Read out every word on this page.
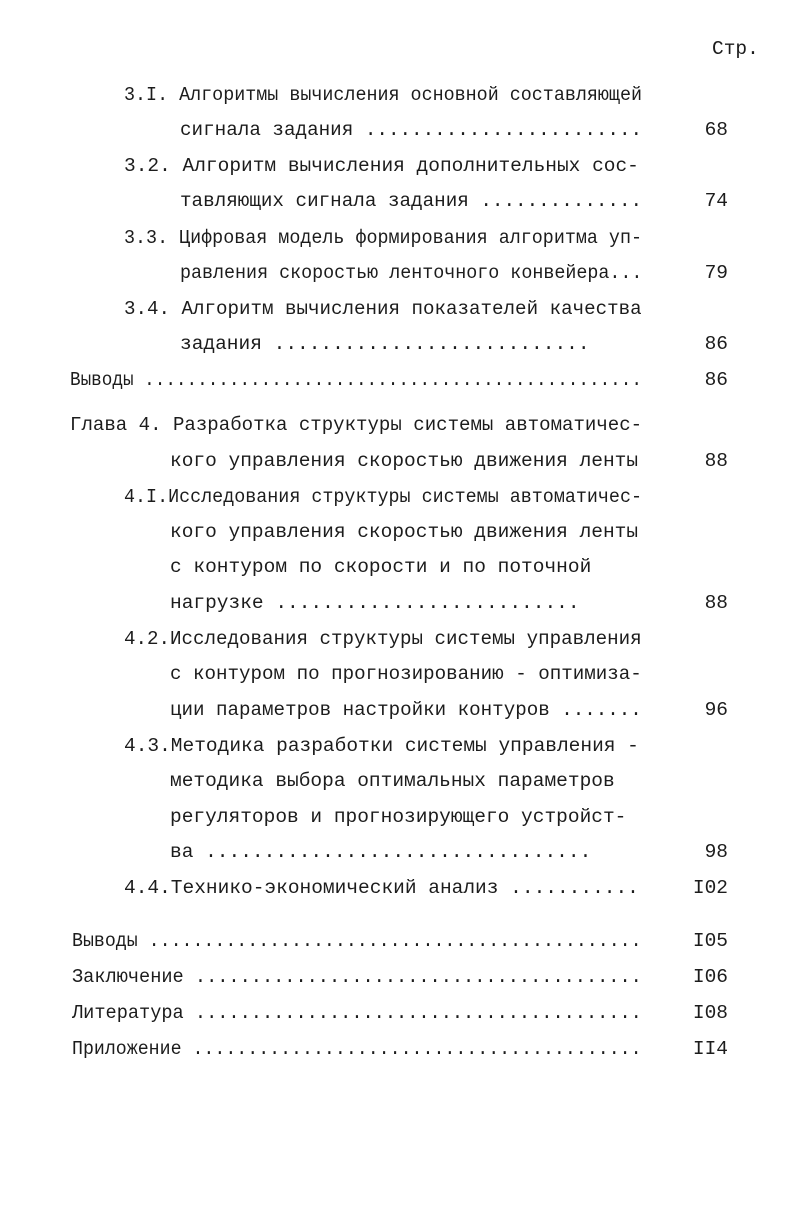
Стр.
3.I. Алгоритмы вычисления основной составляющей
сигнала задания ........................	68
3.2. Алгоритм вычисления дополнительных сос-
тавляющих сигнала задания ..............	74
3.3. Цифровая модель формирования алгоритма уп-
равления скоростью ленточного конвейера...	79
3.4. Алгоритм вычисления показателей качества
задания ...........................	86
Выводы ...............................................	86
Глава 4. Разработка структуры системы автоматичес-
кого управления скоростью движения ленты	88
4.I.Исследования структуры системы автоматичес-
кого управления скоростью движения ленты
с контуром по скорости и по поточной
нагрузке ..........................	88
4.2.Исследования структуры системы управления
с контуром по прогнозированию - оптимиза-
ции параметров настройки контуров .......	96
4.3.Методика разработки системы управления -
методика выбора оптимальных параметров
регуляторов и прогнозирующего устройст-
ва .................................	98
4.4.Технико-экономический анализ ...........	I02
Выводы .............................................	I05
Заключение ........................................	I06
Литература ........................................	I08
Приложение .........................................	II4
